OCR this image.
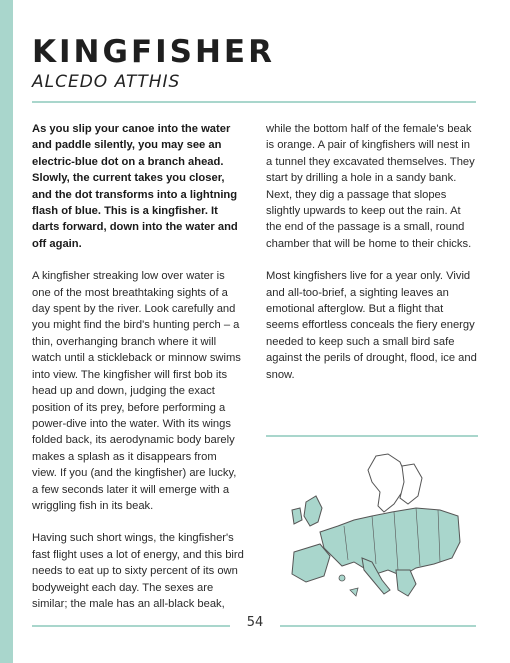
KINGFISHER
ALCEDO ATTHIS

As you slip your canoe into the water and paddle silently, you may see an electric-blue dot on a branch ahead. Slowly, the current takes you closer, and the dot transforms into a lightning flash of blue. This is a kingfisher. It darts forward, down into the water and off again.

A kingfisher streaking low over water is one of the most breathtaking sights of a day spent by the river. Look carefully and you might find the bird's hunting perch – a thin, overhanging branch where it will watch until a stickleback or minnow swims into view. The kingfisher will first bob its head up and down, judging the exact position of its prey, before performing a power-dive into the water. With its wings folded back, its aerodynamic body barely makes a splash as it disappears from view. If you (and the kingfisher) are lucky, a few seconds later it will emerge with a wriggling fish in its beak.

Having such short wings, the kingfisher's fast flight uses a lot of energy, and this bird needs to eat up to sixty percent of its own bodyweight each day. The sexes are similar; the male has an all-black beak,

while the bottom half of the female's beak is orange. A pair of kingfishers will nest in a tunnel they excavated themselves. They start by drilling a hole in a sandy bank. Next, they dig a passage that slopes slightly upwards to keep out the rain. At the end of the passage is a small, round chamber that will be home to their chicks.

Most kingfishers live for a year only. Vivid and all-too-brief, a sighting leaves an emotional afterglow. But a flight that seems effortless conceals the fiery energy needed to keep such a small bird safe against the perils of drought, flood, ice and snow.

54
